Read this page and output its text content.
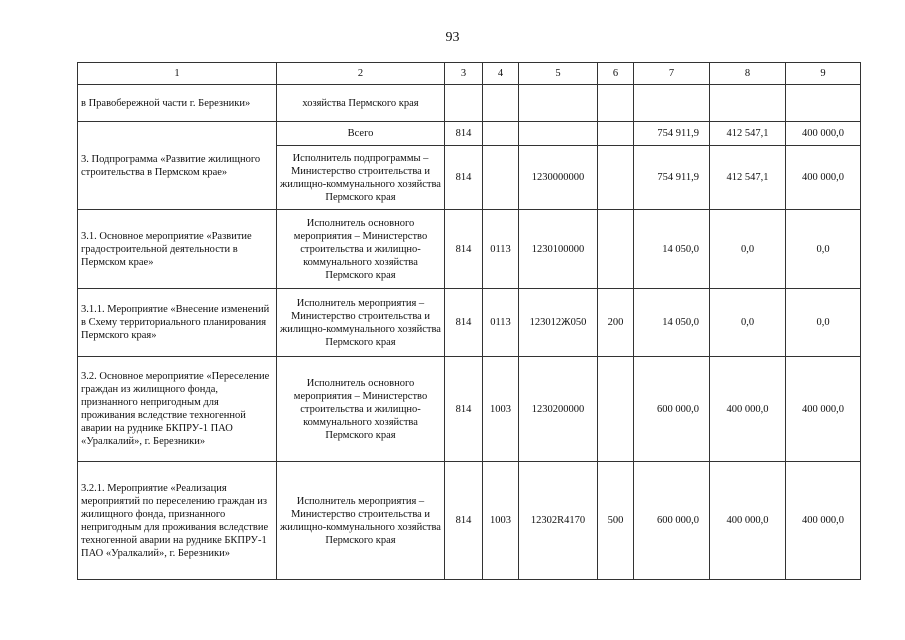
93
1	2	3	4	5	6	7	8	9
в Правобережной части г. Березники»	хозяйства Пермского края							
3. Подпрограмма «Развитие жилищного строительства в Пермском крае»	Всего	814				754 911,9	412 547,1	400 000,0
	Исполнитель подпрограммы – Министерство строительства и жилищно-коммунального хозяйства Пермского края	814		1230000000		754 911,9	412 547,1	400 000,0
3.1. Основное мероприятие «Развитие градостроительной деятельности в Пермском крае»	Исполнитель основного мероприятия – Министерство строительства и жилищно-коммунального хозяйства Пермского края	814	0113	1230100000		14 050,0	0,0	0,0
3.1.1. Мероприятие «Внесение изменений в Схему территориального планирования Пермского края»	Исполнитель мероприятия – Министерство строительства и жилищно-коммунального хозяйства Пермского края	814	0113	123012Ж050	200	14 050,0	0,0	0,0
3.2. Основное мероприятие «Переселение граждан из жилищного фонда, признанного непригодным для проживания вследствие техногенной аварии на руднике БКПРУ-1 ПАО «Уралкалий», г. Березники»	Исполнитель основного мероприятия – Министерство строительства и жилищно-коммунального хозяйства Пермского края	814	1003	1230200000		600 000,0	400 000,0	400 000,0
3.2.1. Мероприятие «Реализация мероприятий по переселению граждан из жилищного фонда, признанного непригодным для проживания вследствие техногенной аварии на руднике БКПРУ-1 ПАО «Уралкалий», г. Березники»	Исполнитель мероприятия – Министерство строительства и жилищно-коммунального хозяйства Пермского края	814	1003	12302R4170	500	600 000,0	400 000,0	400 000,0
